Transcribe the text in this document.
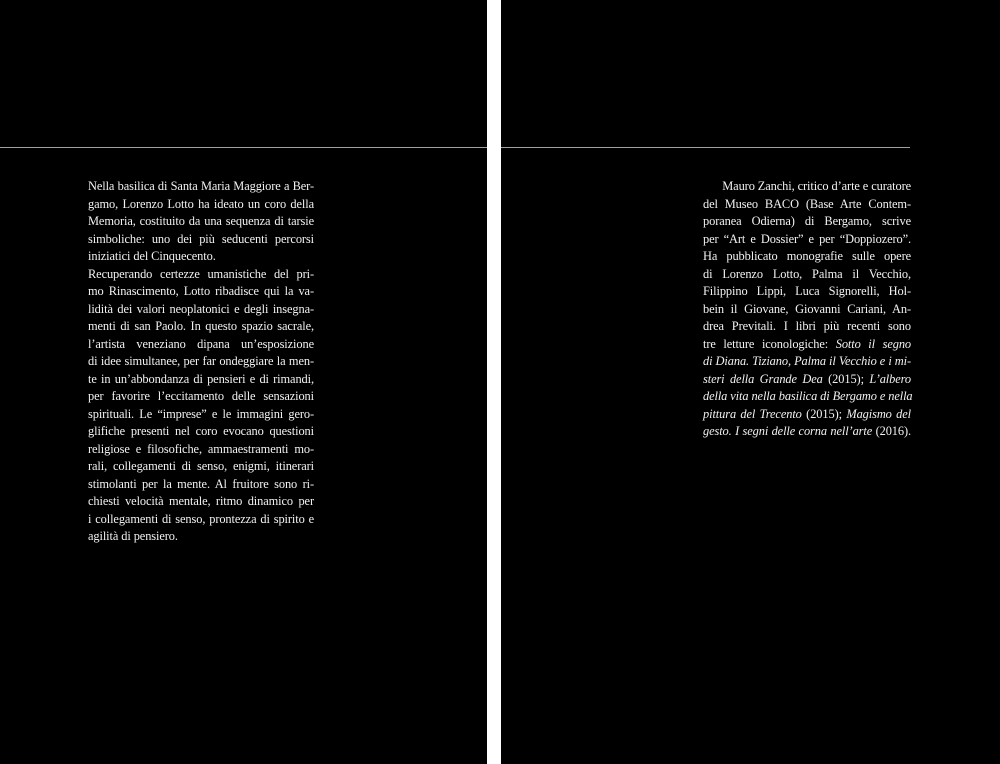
Nella basilica di Santa Maria Maggiore a Ber-
gamo, Lorenzo Lotto ha ideato un coro della
Memoria, costituito da una sequenza di tarsie
simboliche: uno dei più seducenti percorsi
iniziatici del Cinquecento.
Recuperando certezze umanistiche del pri-
mo Rinascimento, Lotto ribadisce qui la va-
lidità dei valori neoplatonici e degli insegna-
menti di san Paolo. In questo spazio sacrale,
l’artista veneziano dipana un’esposizione
di idee simultanee, per far ondeggiare la men-
te in un’abbondanza di pensieri e di rimandi,
per favorire l’eccitamento delle sensazioni
spirituali. Le “imprese” e le immagini gero-
glifiche presenti nel coro evocano questioni
religiose e filosofiche, ammaestramenti mo-
rali, collegamenti di senso, enigmi, itinerari
stimolanti per la mente. Al fruitore sono ri-
chiesti velocità mentale, ritmo dinamico per
i collegamenti di senso, prontezza di spirito e
agilità di pensiero.
Mauro Zanchi, critico d’arte e curatore
del Museo BACO (Base Arte Contem-
poranea Odierna) di Bergamo, scrive
per “Art e Dossier” e per “Doppiozero”.
Ha pubblicato monografie sulle opere
di Lorenzo Lotto, Palma il Vecchio,
Filippino Lippi, Luca Signorelli, Hol-
bein il Giovane, Giovanni Cariani, An-
drea Previtali. I libri più recenti sono
tre letture iconologiche: Sotto il segno
di Diana. Tiziano, Palma il Vecchio e i mi-
steri della Grande Dea (2015); L’albero
della vita nella basilica di Bergamo e nella
pittura del Trecento (2015); Magismo del
gesto. I segni delle corna nell’arte (2016).
